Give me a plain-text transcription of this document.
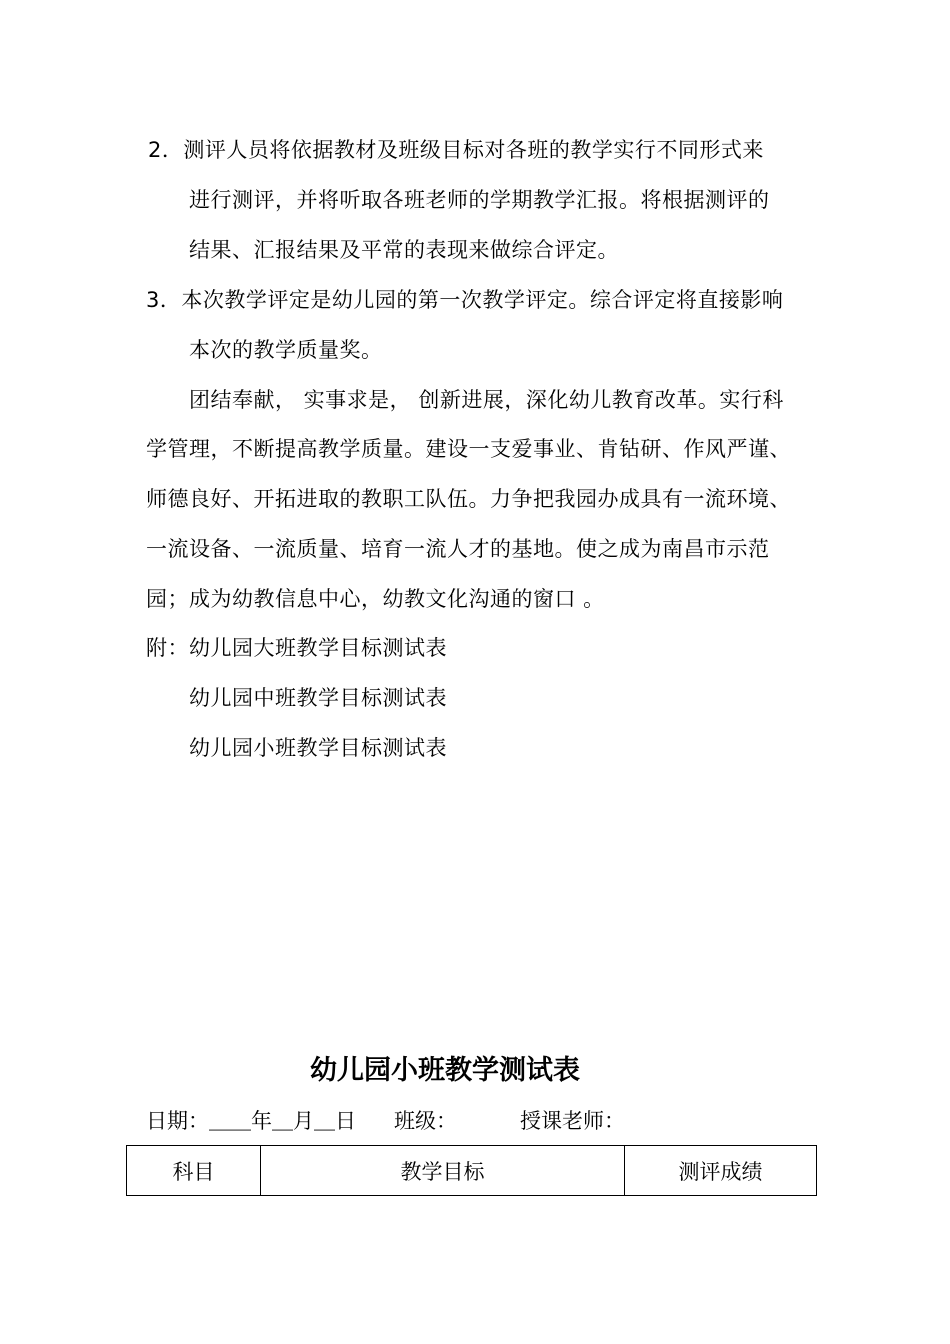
2．测评人员将依据教材及班级目标对各班的教学实行不同形式来
进行测评，并将听取各班老师的学期教学汇报。将根据测评的
结果、汇报结果及平常的表现来做综合评定。
3．本次教学评定是幼儿园的第一次教学评定。综合评定将直接影响
本次的教学质量奖。
团结奉献， 实事求是， 创新进展，深化幼儿教育改革。实行科
学管理，不断提高教学质量。建设一支爱事业、肯钻研、作风严谨、
师德良好、开拓进取的教职工队伍。力争把我园办成具有一流环境、
一流设备、一流质量、培育一流人才的基地。使之成为南昌市示范
园；成为幼教信息中心，幼教文化沟通的窗口 。
附： 幼儿园大班教学目标测试表
幼儿园中班教学目标测试表
幼儿园小班教学目标测试表
幼儿园小班教学测试表
日期：＿＿年＿月＿日 班级：	授课老师：
科目	教学目标	测评成绩
